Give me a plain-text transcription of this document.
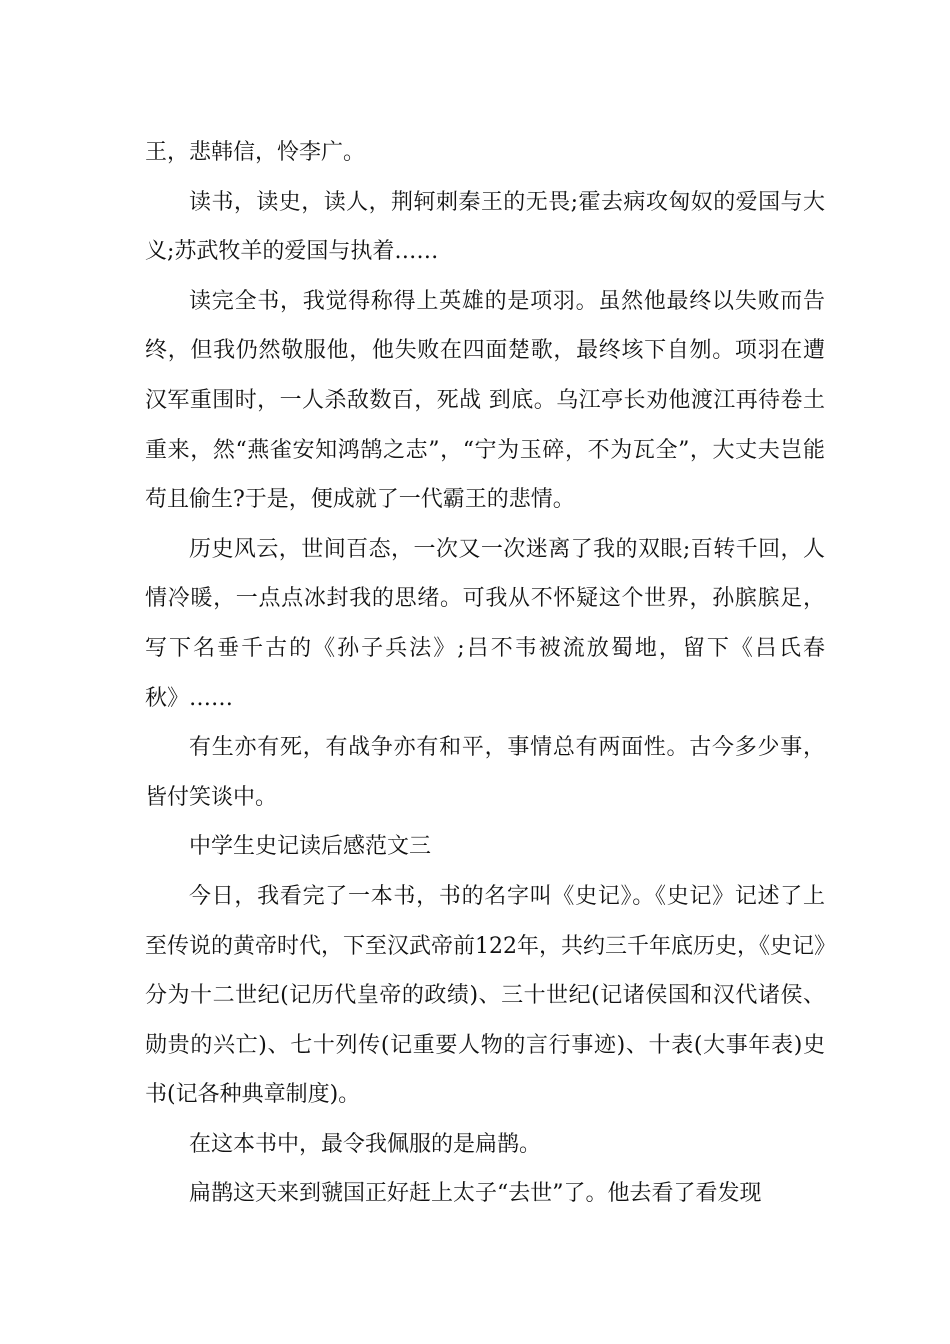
王，悲韩信，怜李广。

读书，读史，读人，荆轲刺秦王的无畏;霍去病攻匈奴的爱国与大义;苏武牧羊的爱国与执着……

读完全书，我觉得称得上英雄的是项羽。虽然他最终以失败而告终，但我仍然敬服他，他失败在四面楚歌，最终垓下自刎。项羽在遭汉军重围时，一人杀敌数百，死战 到底。乌江亭长劝他渡江再待卷土重来，然“燕雀安知鸿鹄之志”，“宁为玉碎，不为瓦全”，大丈夫岂能苟且偷生?于是，便成就了一代霸王的悲情。

历史风云，世间百态，一次又一次迷离了我的双眼;百转千回，人情冷暖，一点点冰封我的思绪。可我从不怀疑这个世界，孙膑膑足，写下名垂千古的《孙子兵法》;吕不韦被流放蜀地，留下《吕氏春秋》……

有生亦有死，有战争亦有和平，事情总有两面性。古今多少事，皆付笑谈中。

中学生史记读后感范文三

今日，我看完了一本书，书的名字叫《史记》。《史记》记述了上至传说的黄帝时代，下至汉武帝前122年，共约三千年底历史，《史记》分为十二世纪(记历代皇帝的政绩)、三十世纪(记诸侯国和汉代诸侯、勋贵的兴亡)、七十列传(记重要人物的言行事迹)、十表(大事年表)史书(记各种典章制度)。

在这本书中，最令我佩服的是扁鹊。

扁鹊这天来到虢国正好赶上太子“去世”了。他去看了看发现
